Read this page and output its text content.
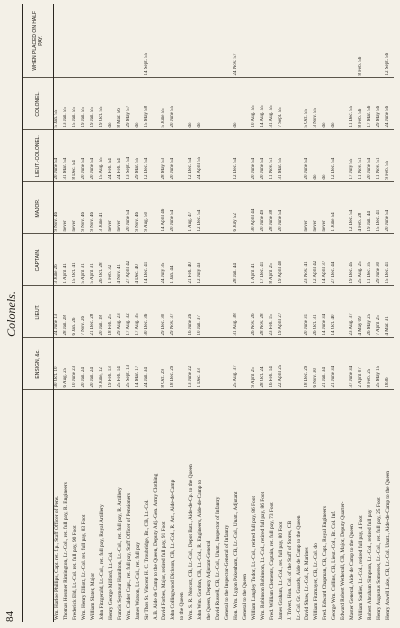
84
Colonels.
	ENSIGN, &c.	LIEUT.	CAPTAIN.	MAJOR.	LIEUT.-COLONEL.	COLONEL.	WHEN PLACED ON HALF PAY.
Wm. Harloe Phillips, Capt. ret. f.p., Staff Officer of Pens.	30 Oct. 10	24 June 13	3 June 26	9 Nov. 46	20 June 54	5 Jan. 55	
Thomas Hosmer Rimington, Lt.-Col., ret. full pay, R. Engineers	6 Aug. 25	28 Jan. 28	1 April 41	never	31 Mar. 54	13 Jan. 55	
Frederick Eld, Lt.-Col. ret. full pay, 90 Foot	10 June 23	6 Jan. 26	15 Oct. 41	never	8 Dec. 54	15 Jan. 55	
Wm. Henry Elliott, Lt.-Col. ret. full pay, 83 Foot	20 Jan. 24	7 Nov. 26	5 April 31	9 Nov. 46	20 June 54	19 Jan. 55	
William Slater, Major	20 Jan. 24	21 Dec. 28	5 April 31	9 Nov. 46	20 June 54	19 Jan. 55	
John Fitzgerald, Lt.-Col., ret. full pay, Royal Artillery	9 June, 12	20 Jan. 18	26 Oct. 28	3 June 41	15 Aug. 55	19 Oct. 55	
Henry George Milford, Lt.-Col.	19 Feb. 13	18 Feb. 25	1 Feb. 32	never	24 Feb. 54	do	
Francis Seymour Hamilton, Lt.-Col., ret. full pay, R. Artillery	25 Feb. 14	29 Aug. 23	4 Nov. 41	never	24 Feb. 54	8 Mar. 56	
Wm. Calder Capt., ret. full pay, Staff Officer of Pensioners	25 Sept. 13	17 Aug. 32	27 April 42	20 June 54	13 Sept. 54	29 May 57	
James Watson, Lt.-Col., ret. full pay	14 Mar. 17	17 Aug. 35	4 Dec. 40	9 Nov. 46	29 Mar. 55	do	
Sir Thos St. Vincent H. C. Troubridge, Bt., CB, Lt.-Col.	24 Jan. 34	30 Dec. 36	14 Dec. 41	9 Aug. 50	12 Dec. 54	15 May 58	14 Sept. 55
A.B. Aide de Camp to the Queen, Deputy Adj.-Gen. Army Clothing							
David Forbes, Major, retired full pay, 91 Foot	8 Oct. 29	29 Dec. 30	24 July 35	14 April 46	28 May 53	5 June 55	
John Collingwood Dickson, CB, Lt.-Col., R. Art., Aide-de-Camp	18 Dec. 29	29 Nov. 37	1 Jan. 44	20 June 54	20 June 54	20 June 55	
to the Queen							
Wm. S. R. Norcott, CB, Lt.-Col., Depot Batt., Aide-de-Cp. to the Queen	13 June 22	16 June 26	21 Feb. 40	1 Aug. 47	12 Dec. 54	do	
John Wm. Gordon, CB, Lt.-Col., R. Engineers, Aide-de-Camp to	1 Dec. 33	10 Jan. 37	12 July 43	12 Dec. 54	24 April 55	do	
the Queen, Deputy Adjutant-General							
David Russell, CB, Lt.-Col., Unatt., Inspector of Infantry							
General to the Inspector-General of Infantry							
Hon. Wm. Lygon Pakenham, CB, Lt.-Col., Unatt., Adjutant	25 Aug. 37	31 Aug. 38	28 Jan. 44	6 July 52	12 Dec. 54	do	24 Nov. 57
General to the Queen							
William Langley Tudor, Lt.-Col., retired full pay, 86 Foot	9 April 25	26 Nov. 26	1 April 41	30 April 44	20 June 54	10 Aug. 55	
Wm. Robinson Robinson, Lt.-Col., retired full pay, 86 Foot	28 Oct. 24	28 Nov. 28	17 Dec. 41	20 June 49	20 June 54	14 Aug. 55	
Fred. William Clements, Captain, ret. full pay, 73 Foot	16 Feb. 14	23 Feb. 15	8 April 25	28 June 38	11 Nov. 51	31 Aug. 55	
James Graham, Lt.-Col., ret. full pay, 80 Foot	22 April 25	19 April 27	19 April 40	20 June 54	31 Mar. 55	7 Sept. 55	
J. Trivett, Hon. Col. of the Staff of Stores, CB							
Lt.-Col. Gr. Guards, Aide de Camp to the Queen							
David Shaw, Lt.-Col., R. Marines	18 Dec. 29	20 June 31	23 Nov. 41	never	20 June 54	5 Oct. 55	
William Fitzmayer, CB, Lt.-Col. do	6 Nov. 30	26 Oct. 31	12 April 42	never	do	3 Nov. 55	
Fred. Edward Chapman, CB, Capt., Royal Engineers	21 Jan. 34	14 June 34	14 April 37	never	do	do	
George Wm. Collins, CB, Lieut.-Col., Bt. Col. Inf.	21 June 34	14 Oct. 40	27 Dec. 44	1 June 54	12 Dec. 54	do	
Edward Robert Wetherall, CB, Major, Deputy Quarter-							
Master General, Aide de Camp to the Queen	37 June 34	23 Aug. 37	19 Dec. 45	12 Dec. 54	17 July 55	11 Dec. 55	
William Sadlier, Lt.-Col., retired full pay, 4 Foot	2 April 07	4 May 09	25 Aug. 25	4 Feb. 28	11 Nov. 51	8 Feb. 56	8 Feb. 56
Robert Abraham Simpson, Lt.-Col., retired full pay	8 Feb. 25	26 May 25	11 Dec. 35	19 Jan. 44	20 June 54	17 Mar. 56	
Henry Augustus Somerset, Lt.-Col., ret. full pay, 25 Foot	25 May 15	7 April 25	29 June 30	15 Dec. 41	11 Nov. 51	29 May 56	
Henry Atwell Lake, CB, Lt.-Col. Unatt., Aide-de-Camp to the Queen	1836	4 Mar. 31	15 Dec. 41	20 June 54	9 Feb. 55	24 June 56	12 Sept. 56
